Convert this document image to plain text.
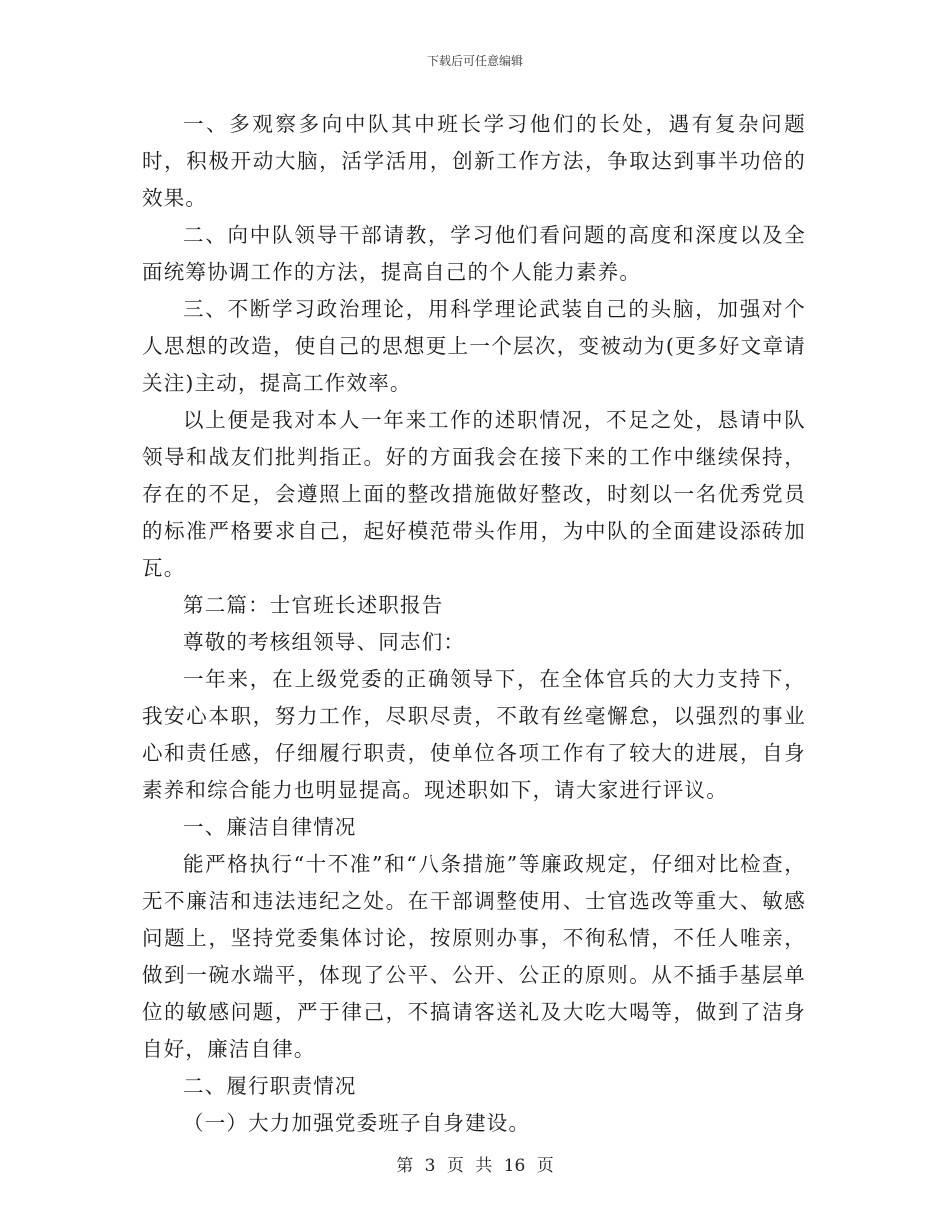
下载后可任意编辑

一、多观察多向中队其中班长学习他们的长处，遇有复杂问题时，积极开动大脑，活学活用，创新工作方法，争取达到事半功倍的效果。

二、向中队领导干部请教，学习他们看问题的高度和深度以及全面统筹协调工作的方法，提高自己的个人能力素养。

三、不断学习政治理论，用科学理论武装自己的头脑，加强对个人思想的改造，使自己的思想更上一个层次，变被动为(更多好文章请关注)主动，提高工作效率。

以上便是我对本人一年来工作的述职情况，不足之处，恳请中队领导和战友们批判指正。好的方面我会在接下来的工作中继续保持，存在的不足，会遵照上面的整改措施做好整改，时刻以一名优秀党员的标准严格要求自己，起好模范带头作用，为中队的全面建设添砖加瓦。

第二篇：士官班长述职报告

尊敬的考核组领导、同志们：

一年来，在上级党委的正确领导下，在全体官兵的大力支持下，我安心本职，努力工作，尽职尽责，不敢有丝毫懈怠，以强烈的事业心和责任感，仔细履行职责，使单位各项工作有了较大的进展，自身素养和综合能力也明显提高。现述职如下，请大家进行评议。

一、廉洁自律情况

能严格执行“十不准”和“八条措施”等廉政规定，仔细对比检查，无不廉洁和违法违纪之处。在干部调整使用、士官选改等重大、敏感问题上，坚持党委集体讨论，按原则办事，不徇私情，不任人唯亲，做到一碗水端平，体现了公平、公开、公正的原则。从不插手基层单位的敏感问题，严于律己，不搞请客送礼及大吃大喝等，做到了洁身自好，廉洁自律。

二、履行职责情况

（一）大力加强党委班子自身建设。

第 3 页 共 16 页
